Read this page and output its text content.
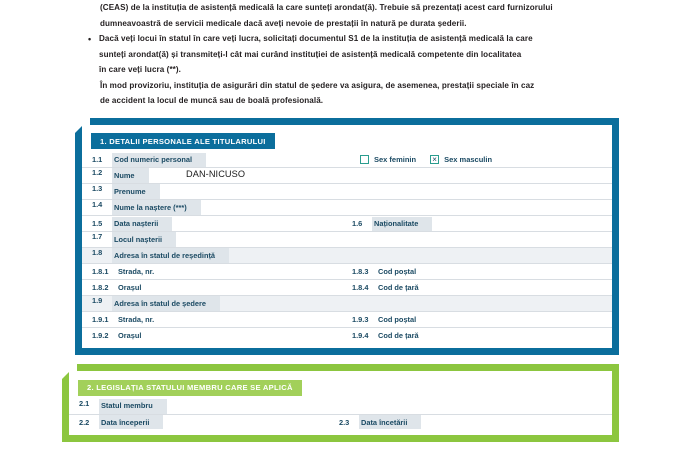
(CEAS) de la instituția de asistență medicală la care sunteți arondat(ă). Trebuie să prezentați acest card furnizorului

dumneavoastră de servicii medicale dacă aveți nevoie de prestații în natură pe durata șederii.

• Dacă veți locui în statul în care veți lucra, solicitați documentul S1 de la instituția de asistență medicală la care

sunteți arondat(ă) și transmiteți-l cât mai curând instituției de asistență medicală competente din localitatea

în care veți lucra (**).

În mod provizoriu, instituția de asigurări din statul de ședere va asigura, de asemenea, prestații speciale în caz

de accident la locul de muncă sau de boală profesională.

1. DETALII PERSONALE ALE TITULARULUI
1.1	Cod numeric personal	Sex feminin ×	Sex masculin
1.2	Nume	DAN-NICUSO
1.3	Prenume
1.4	Nume la naștere (***)
1.5	Data nașterii	1.6	Naționalitate
1.7	Locul nașterii
1.8	Adresa în statul de reședință
1.8.1	Strada, nr.	1.8.3	Cod poștal
1.8.2	Orașul	1.8.4	Cod de țară
1.9	Adresa în statul de ședere
1.9.1	Strada, nr.	1.9.3	Cod poștal
1.9.2	Orașul	1.9.4	Cod de țară
2. LEGISLAȚIA STATULUI MEMBRU CARE SE APLICĂ
2.1	Statul membru
2.2	Data începerii	2.3	Data încetării
